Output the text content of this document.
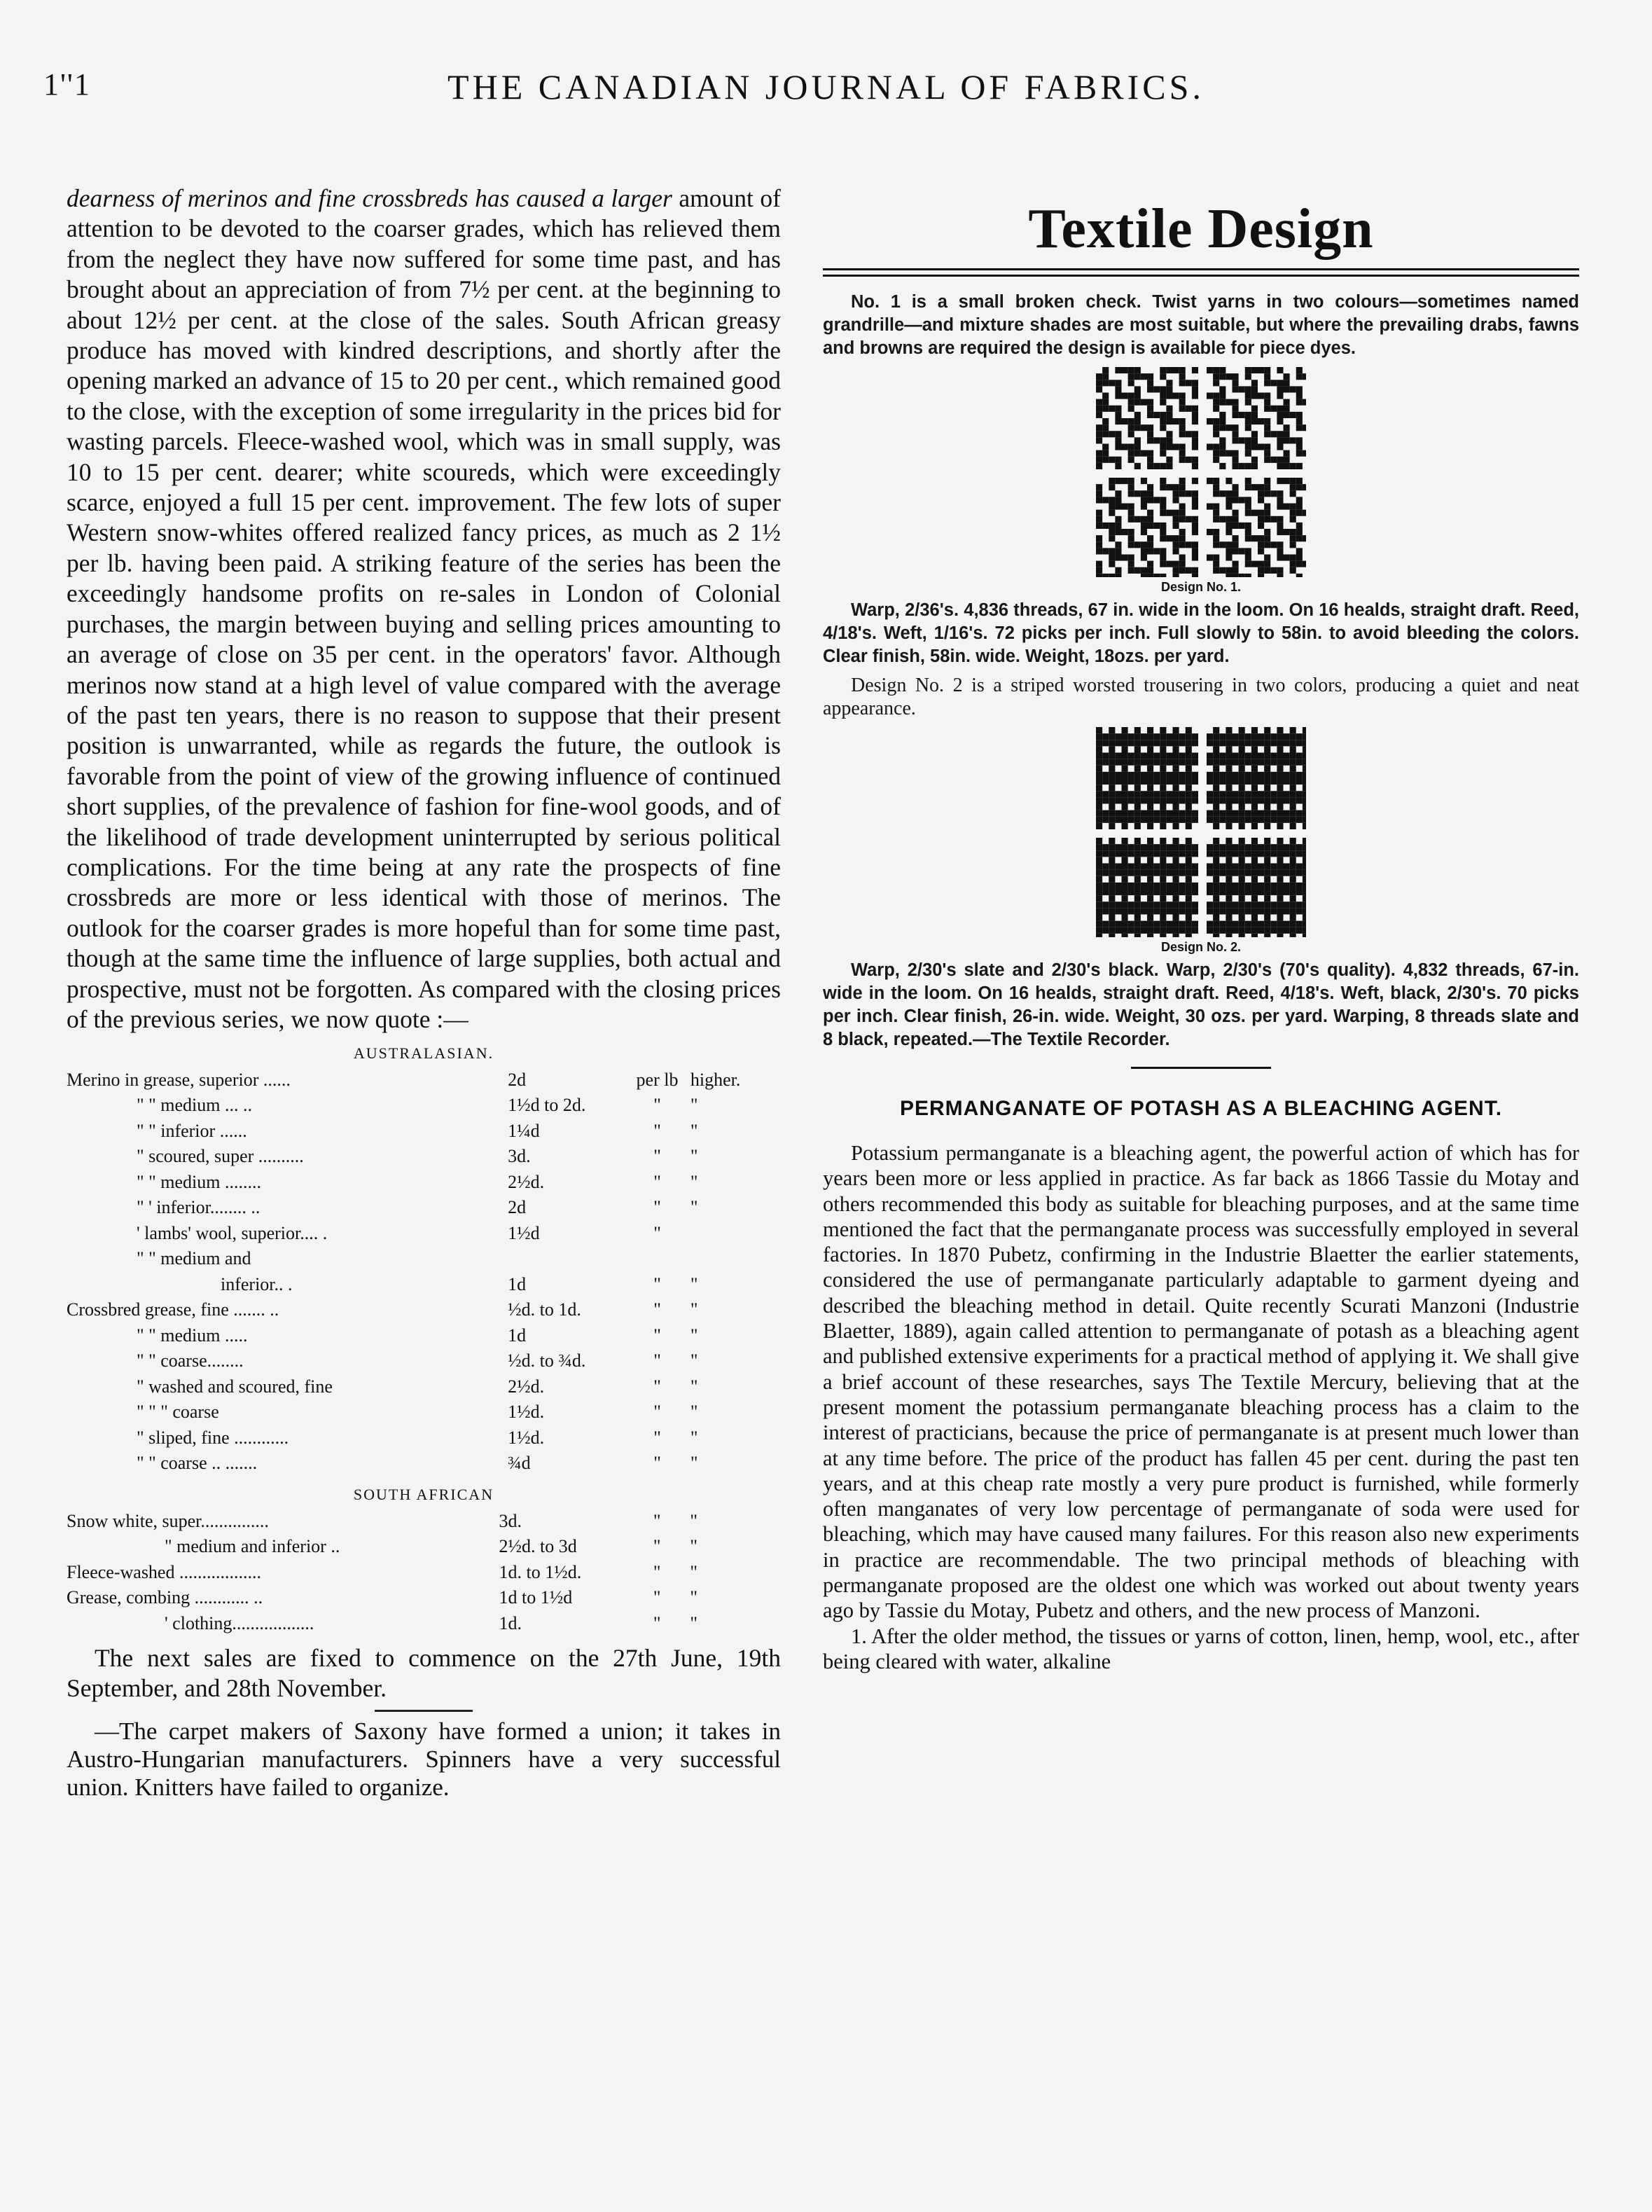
1''1	THE CANADIAN JOURNAL OF FABRICS.

dearness of merinos and fine crossbreds has caused a larger amount of attention to be devoted to the coarser grades, which has relieved them from the neglect they have now suffered for some time past, and has brought about an appreciation of from 7½ per cent. at the beginning to about 12½ per cent. at the close of the sales. South African greasy produce has moved with kindred descriptions, and shortly after the opening marked an advance of 15 to 20 per cent., which remained good to the close, with the exception of some irregularity in the prices bid for wasting parcels. Fleece-washed wool, which was in small supply, was 10 to 15 per cent. dearer; white scoureds, which were exceedingly scarce, enjoyed a full 15 per cent. improvement. The few lots of super Western snow-whites offered realized fancy prices, as much as 2 1½ per lb. having been paid. A striking feature of the series has been the exceedingly handsome profits on re-sales in London of Colonial purchases, the margin between buying and selling prices amounting to an average of close on 35 per cent. in the operators' favor. Although merinos now stand at a high level of value compared with the average of the past ten years, there is no reason to suppose that their present position is unwarranted, while as regards the future, the outlook is favorable from the point of view of the growing influence of continued short supplies, of the prevalence of fashion for fine-wool goods, and of the likelihood of trade development uninterrupted by serious political complications. For the time being at any rate the prospects of fine crossbreds are more or less identical with those of merinos. The outlook for the coarser grades is more hopeful than for some time past, though at the same time the influence of large supplies, both actual and prospective, must not be forgotten. As compared with the closing prices of the previous series, we now quote :—

AUSTRALASIAN.
Merino in grease, superior ......	2d	per lb	higher.
" " medium ... ..	1½d to 2d.	"	"
" " inferior ......	1¼d	"	"
" scoured, super ..........	3d.	"	"
" " medium ........	2½d.	"	"
" ' inferior........ ..	2d	"	"
' lambs' wool, superior.... .	1½d	"	
" " medium and			
inferior.. .	1d	"	"
Crossbred grease, fine ....... ..	½d. to 1d.	"	"
" " medium .....	1d	"	"
" " coarse........	½d. to ¾d.	"	"
" washed and scoured, fine	2½d.	"	"
" " " coarse	1½d.	"	"
" sliped, fine ............	1½d.	"	"
" " coarse .. .......	¾d	"	"
SOUTH AFRICAN
Snow white, super...............	3d.	"	"
" medium and inferior ..	2½d. to 3d	"	"
Fleece-washed ..................	1d. to 1½d.	"	"
Grease, combing ............ ..	1d to 1½d	"	"
' clothing..................	1d.	"	"

The next sales are fixed to commence on the 27th June, 19th September, and 28th November.

—The carpet makers of Saxony have formed a union; it takes in Austro-Hungarian manufacturers. Spinners have a very successful union. Knitters have failed to organize.

Textile Design

No. 1 is a small broken check. Twist yarns in two colours—sometimes named grandrille—and mixture shades are most suitable, but where the prevailing drabs, fawns and browns are required the design is available for piece dyes.

Design No. 1.

Warp, 2/36's. 4,836 threads, 67 in. wide in the loom. On 16 healds, straight draft. Reed, 4/18's. Weft, 1/16's. 72 picks per inch. Full slowly to 58in. to avoid bleeding the colors. Clear finish, 58in. wide. Weight, 18ozs. per yard.

Design No. 2 is a striped worsted trousering in two colors, producing a quiet and neat appearance.

Design No. 2.

Warp, 2/30's slate and 2/30's black. Warp, 2/30's (70's quality). 4,832 threads, 67-in. wide in the loom. On 16 healds, straight draft. Reed, 4/18's. Weft, black, 2/30's. 70 picks per inch. Clear finish, 26-in. wide. Weight, 30 ozs. per yard. Warping, 8 threads slate and 8 black, repeated.—The Textile Recorder.

PERMANGANATE OF POTASH AS A BLEACHING AGENT.

Potassium permanganate is a bleaching agent, the powerful action of which has for years been more or less applied in practice. As far back as 1866 Tassie du Motay and others recommended this body as suitable for bleaching purposes, and at the same time mentioned the fact that the permanganate process was successfully employed in several factories. In 1870 Pubetz, confirming in the Industrie Blaetter the earlier statements, considered the use of permanganate particularly adaptable to garment dyeing and described the bleaching method in detail. Quite recently Scurati Manzoni (Industrie Blaetter, 1889), again called attention to permanganate of potash as a bleaching agent and published extensive experiments for a practical method of applying it. We shall give a brief account of these researches, says The Textile Mercury, believing that at the present moment the potassium permanganate bleaching process has a claim to the interest of practicians, because the price of permanganate is at present much lower than at any time before. The price of the product has fallen 45 per cent. during the past ten years, and at this cheap rate mostly a very pure product is furnished, while formerly often manganates of very low percentage of permanganate of soda were used for bleaching, which may have caused many failures. For this reason also new experiments in practice are recommendable. The two principal methods of bleaching with permanganate proposed are the oldest one which was worked out about twenty years ago by Tassie du Motay, Pubetz and others, and the new process of Manzoni.

1. After the older method, the tissues or yarns of cotton, linen, hemp, wool, etc., after being cleared with water, alkaline
